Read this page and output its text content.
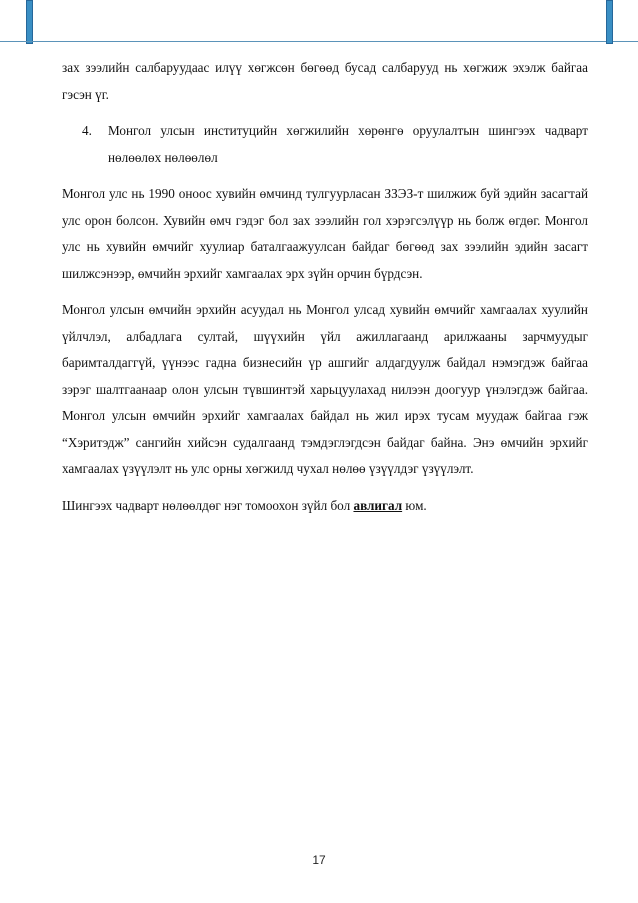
зах зээлийн салбаруудаас илүү хөгжсөн бөгөөд бусад салбарууд нь хөгжиж эхэлж байгаа гэсэн үг.

4.	Монгол улсын институцийн хөгжилийн хөрөнгө оруулалтын шингээх чадварт нөлөөлөх нөлөөлөл

Монгол улс нь 1990 оноос хувийн өмчинд тулгуурласан ЗЗЭЗ-т шилжиж буй эдийн засагтай улс орон болсон. Хувийн өмч гэдэг бол зах зээлийн гол хэрэгсэлүүр нь болж өгдөг. Монгол улс нь хувийн өмчийг хуулиар баталгаажуулсан байдаг бөгөөд зах зээлийн эдийн засагт шилжсэнээр, өмчийн эрхийг хамгаалах эрх зүйн орчин бүрдсэн.

Монгол улсын өмчийн эрхийн асуудал нь Монгол улсад хувийн өмчийг хамгаалах хуулийн үйлчлэл, албадлага султай, шүүхийн үйл ажиллагаанд арилжааны зарчмуудыг баримталдаггүй, үүнээс гадна бизнесийн үр ашгийг алдагдуулж байдал нэмэгдэж байгаа зэрэг шалтгаанаар олон улсын түвшинтэй харьцуулахад нилээн доогуур үнэлэгдэж байгаа. Монгол улсын өмчийн эрхийг хамгаалах байдал нь жил ирэх тусам муудаж байгаа гэж “Хэритэдж” сангийн хийсэн судалгаанд тэмдэглэгдсэн байдаг байна. Энэ өмчийн эрхийг хамгаалах үзүүлэлт нь улс орны хөгжилд чухал нөлөө үзүүлдэг үзүүлэлт.

Шингээх чадварт нөлөөлдөг нэг томоохон зүйл бол авлигал юм.

17
